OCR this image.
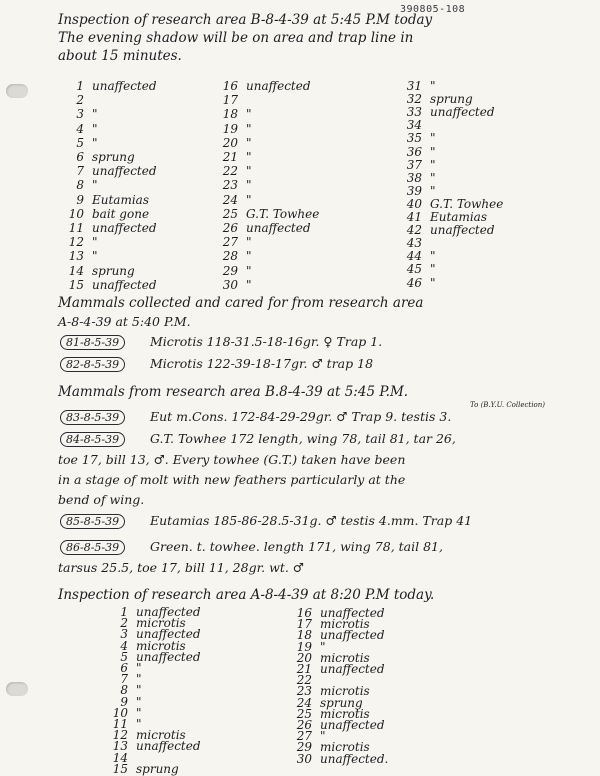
390805-108
Inspection of research area B-8-4-39 at 5:45 P.M today
The evening shadow will be on area and trap line in
about 15 minutes.
1 unaffected
2
3 "
4 "
5 "
6 sprung
7 unaffected
8 "
9 Eutamias
10 bait gone
11 unaffected
12 "
13 "
14 sprung
15 unaffected
16 unaffected
17
18 "
19 "
20 "
21 "
22 "
23 "
24 "
25 G.T. Towhee
26 unaffected
27 "
28 "
29 "
30 "
31 "
32 sprung
33 unaffected
34
35 "
36 "
37 "
38 "
39 "
40 G.T. Towhee
41 Eutamias
42 unaffected
43
44 "
45 "
46 "
Mammals collected and cared for from research area
A-8-4-39 at 5:40 P.M.
81-8-5-39	Microtis 118-31.5-18-16gr. ♀ Trap 1.
82-8-5-39	Microtis 122-39-18-17gr. ♂ trap 18
Mammals from research area B.8-4-39 at 5:45 P.M.
To (B.Y.U. Collection)
83-8-5-39	Eut m.Cons. 172-84-29-29gr. ♂ Trap 9. testis 3.
84-8-5-39	G.T. Towhee 172 length, wing 78, tail 81, tar 26,
toe 17, bill 13, ♂. Every towhee (G.T.) taken have been
in a stage of molt with new feathers particularly at the
bend of wing.
85-8-5-39	Eutamias 185-86-28.5-31g. ♂ testis 4.mm. Trap 41
86-8-5-39	Green. t. towhee. length 171, wing 78, tail 81,
tarsus 25.5, toe 17, bill 11, 28gr. wt. ♂
Inspection of research area A-8-4-39 at 8:20 P.M today.
1 unaffected
2 microtis
3 unaffected
4 microtis
5 unaffected
6 "
7 "
8 "
9 "
10 "
11 "
12 microtis
13 unaffected
14
15 sprung
16 unaffected
17 microtis
18 unaffected
19 "
20 microtis
21 unaffected
22
23 microtis
24 sprung
25 microtis
26 unaffected
27 "
29 microtis
30 unaffected.
